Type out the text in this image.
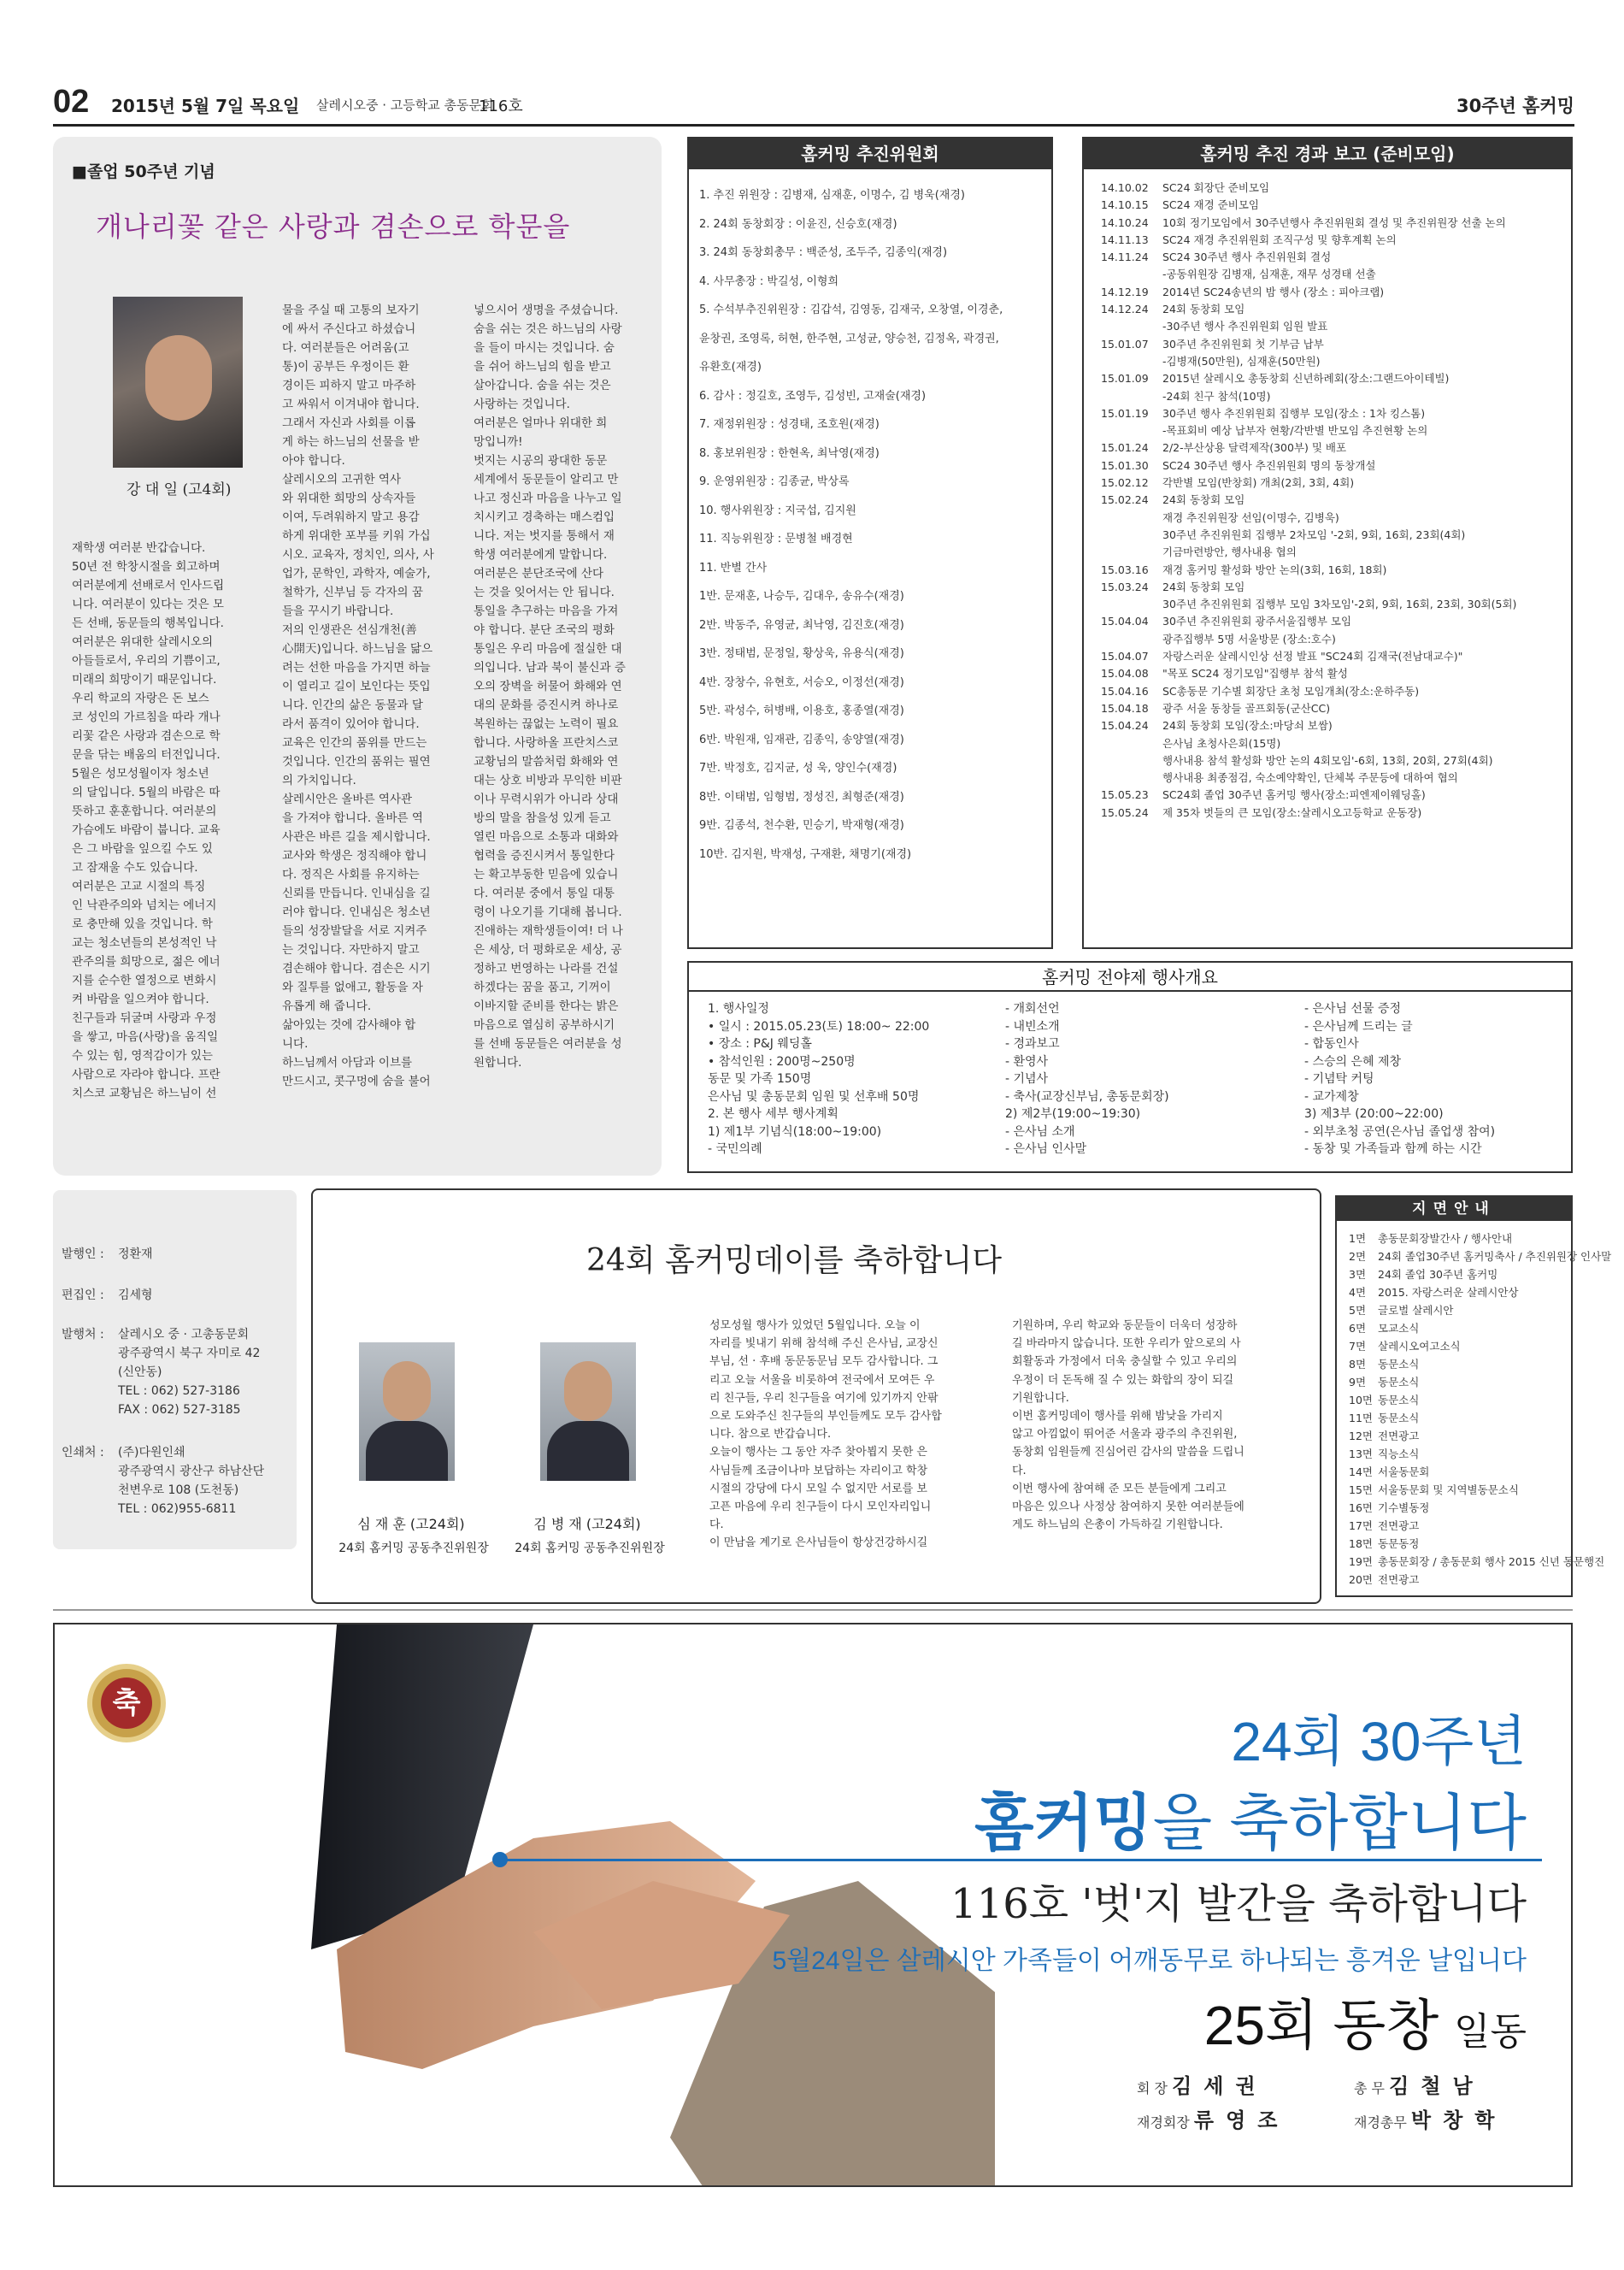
02 2015년 5월 7일 목요일 살레시오중 · 고등학교 총동문회
116호	30주년 홈커밍
■졸업 50주년 기념
개나리꽃 같은 사랑과 겸손으로 학문을
강 대 일 (고4회)
재학생 여러분 반갑습니다.
50년 전 학창시절을 회고하며
여러분에게 선배로서 인사드립
니다. 여러분이 있다는 것은 모
든 선배, 동문들의 행복입니다.
여러분은 위대한 살레시오의
아들들로서, 우리의 기쁨이고,
미래의 희망이기 때문입니다.
우리 학교의 자랑은 돈 보스
코 성인의 가르침을 따라 개나
리꽃 같은 사랑과 겸손으로 학
문을 닦는 배움의 터전입니다.
5월은 성모성월이자 청소년
의 달입니다. 5월의 바람은 따
뜻하고 훈훈합니다. 여러분의
가슴에도 바람이 붑니다. 교육
은 그 바람을 잎으킬 수도 있
고 잠재울 수도 있습니다.
여러분은 고교 시절의 특징
인 낙관주의와 넘치는 에너지
로 충만해 있을 것입니다. 학
교는 청소년들의 본성적인 낙
관주의를 희망으로, 젊은 에너
지를 순수한 열정으로 변화시
켜 바람을 일으켜야 합니다.
친구들과 뒤굴며 사랑과 우정
을 쌓고, 마음(사랑)을 움직일
수 있는 힘, 영적감이가 있는
사람으로 자라야 합니다. 프란
치스코 교황님은 하느님이 선
물을 주실 때 고통의 보자기
에 싸서 주신다고 하셨습니
다. 여러분들은 어려움(고
통)이 공부든 우정이든 환
경이든 피하지 말고 마주하
고 싸워서 이겨내야 합니다.
그래서 자신과 사회를 이롭
게 하는 하느님의 선물을 받
아야 합니다.
살레시오의 고귀한 역사
와 위대한 희망의 상속자들
이여, 두려워하지 말고 용감
하게 위대한 포부를 키워 가십
시오. 교육자, 정치인, 의사, 사
업가, 문학인, 과학자, 예술가,
철학가, 신부님 등 각자의 꿈
들을 꾸시기 바랍니다.
저의 인생관은 선심개천(善
心開天)입니다. 하느님을 닮으
려는 선한 마음을 가지면 하늘
이 열리고 길이 보인다는 뜻입
니다. 인간의 삶은 동물과 달
라서 품격이 있어야 합니다.
교육은 인간의 품위를 만드는
것입니다. 인간의 품위는 필연
의 가치입니다.
살레시안은 올바른 역사관
을 가져야 합니다. 올바른 역
사관은 바른 길을 제시합니다.
교사와 학생은 정직해야 합니
다. 정직은 사회를 유지하는
신뢰를 만듭니다. 인내심을 길
러야 합니다. 인내심은 청소년
들의 성장발달을 서로 지켜주
는 것입니다. 자만하지 말고
겸손해야 합니다. 겸손은 시기
와 질투를 없애고, 활동을 자
유롭게 해 줍니다.
삶아있는 것에 감사해야 합
니다.
하느님께서 아담과 이브를
만드시고, 콧구멍에 숨을 불어
넣으시어 생명을 주셨습니다.
숨을 쉬는 것은 하느님의 사랑
을 들이 마시는 것입니다. 숨
을 쉬어 하느님의 힘을 받고
살아갑니다. 숨을 쉬는 것은
사랑하는 것입니다.
여러분은 얼마나 위대한 희
망입니까!
벗지는 시공의 광대한 동문
세계에서 동문들이 알리고 만
나고 정신과 마음을 나누고 일
치시키고 경축하는 매스컴입
니다. 저는 벗지를 통해서 재
학생 여러분에게 말합니다.
여러분은 분단조국에 산다
는 것을 잊어서는 안 됩니다.
통일을 추구하는 마음을 가져
야 합니다. 분단 조국의 평화
통일은 우리 마음에 절실한 대
의입니다. 남과 북이 불신과 증
오의 장벽을 허물어 화해와 연
대의 문화를 증진시켜 하나로
복원하는 끊없는 노력이 필요
합니다. 사랑하올 프란치스코
교황님의 말씀처럼 화해와 연
대는 상호 비방과 무익한 비판
이나 무력시위가 아니라 상대
방의 말을 참을성 있게 듣고
열린 마음으로 소통과 대화와
협력을 증진시켜서 통일한다
는 확고부동한 믿음에 있습니
다. 여러분 중에서 통일 대통
령이 나오기를 기대해 봅니다.
진애하는 재학생들이여! 더 나
은 세상, 더 평화로운 세상, 공
정하고 번영하는 나라를 건설
하겠다는 꿈을 품고, 기꺼이
이바지할 준비를 한다는 밝은
마음으로 열심히 공부하시기
를 선배 동문들은 여러분을 성
원합니다.
홈커밍 추진위원회
1. 추진 위원장 : 김병재, 심재훈, 이명수, 김 병욱(재경)
2. 24회 동창회장 : 이윤진, 신승호(재경)
3. 24회 동창회총무 : 백준성, 조두주, 김종익(재경)
4. 사무총장 : 박길성, 이형희
5. 수석부추진위원장 : 김갑석, 김영동, 김재국, 오창열, 이경춘,
윤창권, 조영록, 허현, 한주현, 고성균, 양승천, 김정옥, 곽경권,
유환호(재경)
6. 감사 : 정길호, 조영두, 김성빈, 고재술(재경)
7. 재정위원장 : 성경태, 조호원(재경)
8. 홍보위원장 : 한현옥, 최낙영(재경)
9. 운영위원장 : 김종균, 박상록
10. 행사위원장 : 지국섭, 김지원
11. 직능위원장 : 문병철 배경현
11. 반별 간사
1반. 문재훈, 나승두, 김대우, 송유수(재경)
2반. 박동주, 유영균, 최낙영, 김진호(재경)
3반. 정태범, 문정일, 황상욱, 유용식(재경)
4반. 장창수, 유현호, 서승오, 이정선(재경)
5반. 곽성수, 허병배, 이용호, 홍종열(재경)
6반. 박원재, 임재관, 김종익, 송양열(재경)
7반. 박정호, 김지균, 성 욱, 양인수(재경)
8반. 이태범, 임형범, 정성진, 최형준(재경)
9반. 김종석, 천수환, 민승기, 박재형(재경)
10반. 김지원, 박재성, 구재환, 채명기(재경)
홈커밍 추진 경과 보고 (준비모임)
14.10.02	SC24 회장단 준비모임
14.10.15	SC24 재경 준비모임
14.10.24	10회 정기모임에서 30주년행사 추진위원회 결성 및 추진위원장 선출 논의
14.11.13	SC24 재경 추진위원회 조직구성 및 향후계획 논의
14.11.24	SC24 30주년 행사 추진위원회 결성
-공동위원장 김병재, 심재훈, 재무 성경태 선출
14.12.19	2014년 SC24송년의 밤 행사 (장소 : 피아크랩)
14.12.24	24회 동창회 모임
-30주년 행사 추진위원회 임원 발표
15.01.07	30주년 추진위원회 첫 기부금 납부
-김병재(50만원), 심재훈(50만원)
15.01.09	2015년 살레시오 총동창회 신년하례회(장소:그랜드아이테빌)
-24회 친구 참석(10명)
15.01.19	30주년 행사 추진위원회 집행부 모임(장소 : 1차 킹스톰)
-목표회비 예상 납부자 현황/각반별 반모임 추진현황 논의
15.01.24	2/2-부산상용 달력제작(300부) 및 배포
15.01.30	SC24 30주년 행사 추진위원회 명의 동창개설
15.02.12	각반별 모임(반창회) 개최(2회, 3회, 4회)
15.02.24	24회 동창회 모임
재경 추진위원장 선임(이명수, 김병욱)
30주년 추진위원회 집행부 2차모임 '-2회, 9회, 16회, 23회(4회)
기금마련방안, 행사내용 협의
15.03.16	재경 홈커밍 활성화 방안 논의(3회, 16회, 18회)
15.03.24	24회 동창회 모임
30주년 추진위원회 집행부 모임 3차모임'-2회, 9회, 16회, 23회, 30회(5회)
15.04.04	30주년 추진위원회 광주서울집행부 모임
광주집행부 5명 서울방문 (장소:호수)
15.04.07	자랑스러운 살레시인상 선정 발표 "SC24회 김재국(전남대교수)"
15.04.08	"목포 SC24 정기모임"집행부 참석 활성
15.04.16	SC총동문 기수별 회장단 초청 모임개최(장소:운하주동)
15.04.18	광주 서울 동창들 골프회동(군산CC)
15.04.24	24회 동창회 모임(장소:마당쇠 보쌈)
은사님 초청사은회(15명)
행사내용 참석 활성화 방안 논의 4회모임'-6회, 13회, 20회, 27회(4회)
행사내용 최종점검, 숙소예약확인, 단체복 주문등에 대하여 협의
15.05.23	SC24회 졸업 30주년 홈커밍 행사(장소:피엔제이웨딩홀)
15.05.24	제 35차 벗들의 큰 모임(장소:살레시오고등학교 운동장)
홈커밍 전야제 행사개요
1. 행사일정
• 일시 : 2015.05.23(토) 18:00~ 22:00
• 장소 : P&J 웨딩홀
• 참석인원 : 200명~250명
동문 및 가족 150명
은사님 및 총동문회 임원 및 선후배 50명
2. 본 행사 세부 행사계획
1) 제1부 기념식(18:00~19:00)
- 국민의례
- 개회선언
- 내빈소개
- 경과보고
- 환영사
- 기념사
- 축사(교장신부님, 총동문회장)
2) 제2부(19:00~19:30)
- 은사님 소개
- 은사님 인사말
- 은사님 선물 증정
- 은사님께 드리는 글
- 합동인사
- 스승의 은혜 제창
- 기념탁 커팅
- 교가제창
3) 제3부 (20:00~22:00)
- 외부초청 공연(은사님 졸업생 참여)
- 동창 및 가족들과 함께 하는 시간
발행인 : 정환재
편집인 : 김세형
발행처 : 살레시오 중 · 고총동문회
광주광역시 북구 자미로 42
(신안동)
TEL : 062) 527-3186
FAX : 062) 527-3185
인쇄처 : (주)다원인쇄
광주광역시 광산구 하남산단
천변우로 108 (도천동)
TEL : 062)955-6811
24회 홈커밍데이를 축하합니다
심 재 훈 (고24회)	김 병 재 (고24회)
24회 홈커밍 공동추진위원장	24회 홈커밍 공동추진위원장
성모성월 행사가 있었던 5월입니다. 오늘 이
자리를 빛내기 위해 참석해 주신 은사님, 교장신
부님, 선 · 후배 동문동문님 모두 감사합니다. 그
리고 오늘 서울을 비롯하여 전국에서 모여든 우
리 친구들, 우리 친구들을 여기에 있기까지 안팎
으로 도와주신 친구들의 부인들께도 모두 감사합
니다. 참으로 반갑습니다.
오늘이 행사는 그 동안 자주 찾아뵙지 못한 은
사님들께 조금이나마 보답하는 자리이고 학창
시절의 강당에 다시 모일 수 없지만 서로를 보
고픈 마음에 우리 친구들이 다시 모인자리입니
다.
이 만남을 계기로 은사님들이 항상건강하시길
기원하며, 우리 학교와 동문들이 더욱더 성장하
길 바라마지 않습니다. 또한 우리가 앞으로의 사
회활동과 가정에서 더욱 충실할 수 있고 우리의
우정이 더 돈독해 질 수 있는 화합의 장이 되길
기원합니다.
이번 홈커밍데이 행사를 위해 밤낮을 가리지
않고 아낌없이 뛰어준 서울과 광주의 추진위원,
동창회 임원들께 진심어린 감사의 말씀을 드립니
다.
이번 행사에 참여해 준 모든 분들에게 그리고
마음은 있으나 사정상 참여하지 못한 여러분들에
게도 하느님의 은총이 가득하길 기원합니다.
지면안내
1면 총동문회장발간사 / 행사안내
2면 24회 졸업30주년 홈커밍축사 / 추진위원장 인사말
3면 24회 졸업 30주년 홈커밍
4면 2015. 자랑스러운 살레시안상
5면 글로벌 살레시안
6면 모교소식
7면 살레시오여고소식
8면 동문소식
9면 동문소식
10면 동문소식
11면 동문소식
12면 전면광고
13면 직능소식
14면 서울동문회
15면 서울동문회 및 지역별동문소식
16면 기수별동정
17면 전면광고
18면 동문동정
19면 총동문회장 / 총동문회 행사 2015 신년 동문행진
20면 전면광고
축
24회 30주년
홈커밍을 축하합니다
116호 '벗'지 발간을 축하합니다
5월24일은 살레시안 가족들이 어깨동무로 하나되는 흥겨운 날입니다
25회 동창 일동
회 장 김세권	총 무 김철남
재경회장 류영조	재경총무 박창학
